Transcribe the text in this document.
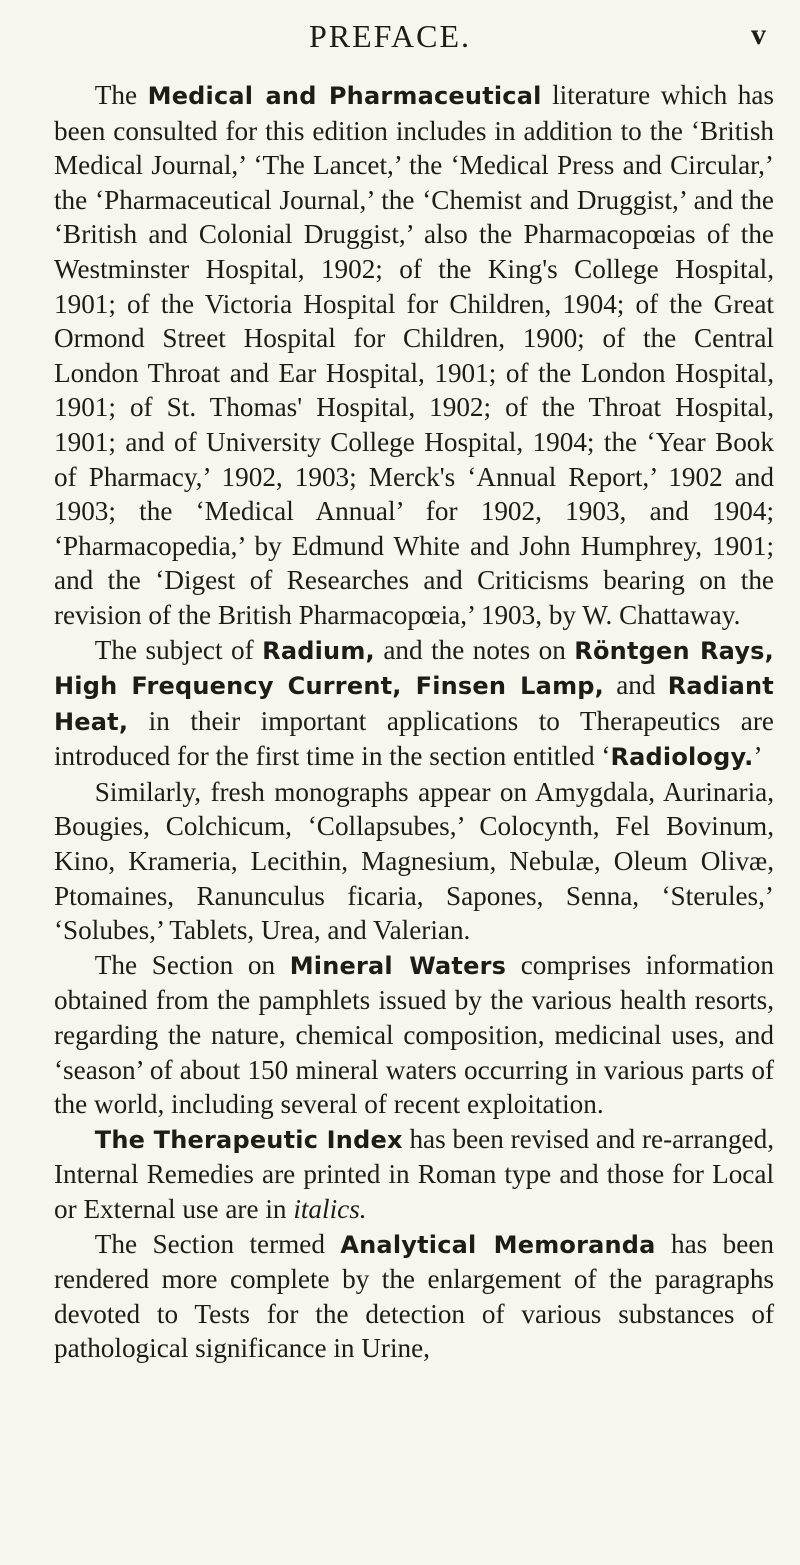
PREFACE.	v

The Medical and Pharmaceutical literature which has been consulted for this edition includes in addition to the ‘British Medical Journal,’ ‘The Lancet,’ the ‘Medical Press and Circular,’ the ‘Pharmaceutical Journal,’ the ‘Chemist and Druggist,’ and the ‘British and Colonial Druggist,’ also the Pharmacopœias of the Westminster Hospital, 1902; of the King's College Hospital, 1901; of the Victoria Hospital for Children, 1904; of the Great Ormond Street Hospital for Children, 1900; of the Central London Throat and Ear Hospital, 1901; of the London Hospital, 1901; of St. Thomas' Hospital, 1902; of the Throat Hospital, 1901; and of University College Hospital, 1904; the ‘Year Book of Pharmacy,’ 1902, 1903; Merck's ‘Annual Report,’ 1902 and 1903; the ‘Medical Annual’ for 1902, 1903, and 1904; ‘Pharmacopedia,’ by Edmund White and John Humphrey, 1901; and the ‘Digest of Researches and Criticisms bearing on the revision of the British Pharmacopœia,’ 1903, by W. Chattaway.

The subject of Radium, and the notes on Röntgen Rays, High Frequency Current, Finsen Lamp, and Radiant Heat, in their important applications to Therapeutics are introduced for the first time in the section entitled ‘Radiology.’

Similarly, fresh monographs appear on Amygdala, Aurinaria, Bougies, Colchicum, ‘Collapsubes,’ Colocynth, Fel Bovinum, Kino, Krameria, Lecithin, Magnesium, Nebulæ, Oleum Olivæ, Ptomaines, Ranunculus ficaria, Sapones, Senna, ‘Sterules,’ ‘Solubes,’ Tablets, Urea, and Valerian.

The Section on Mineral Waters comprises information obtained from the pamphlets issued by the various health resorts, regarding the nature, chemical composition, medicinal uses, and ‘season’ of about 150 mineral waters occurring in various parts of the world, including several of recent exploitation.

The Therapeutic Index has been revised and re-arranged, Internal Remedies are printed in Roman type and those for Local or External use are in italics.

The Section termed Analytical Memoranda has been rendered more complete by the enlargement of the paragraphs devoted to Tests for the detection of various substances of pathological significance in Urine,
